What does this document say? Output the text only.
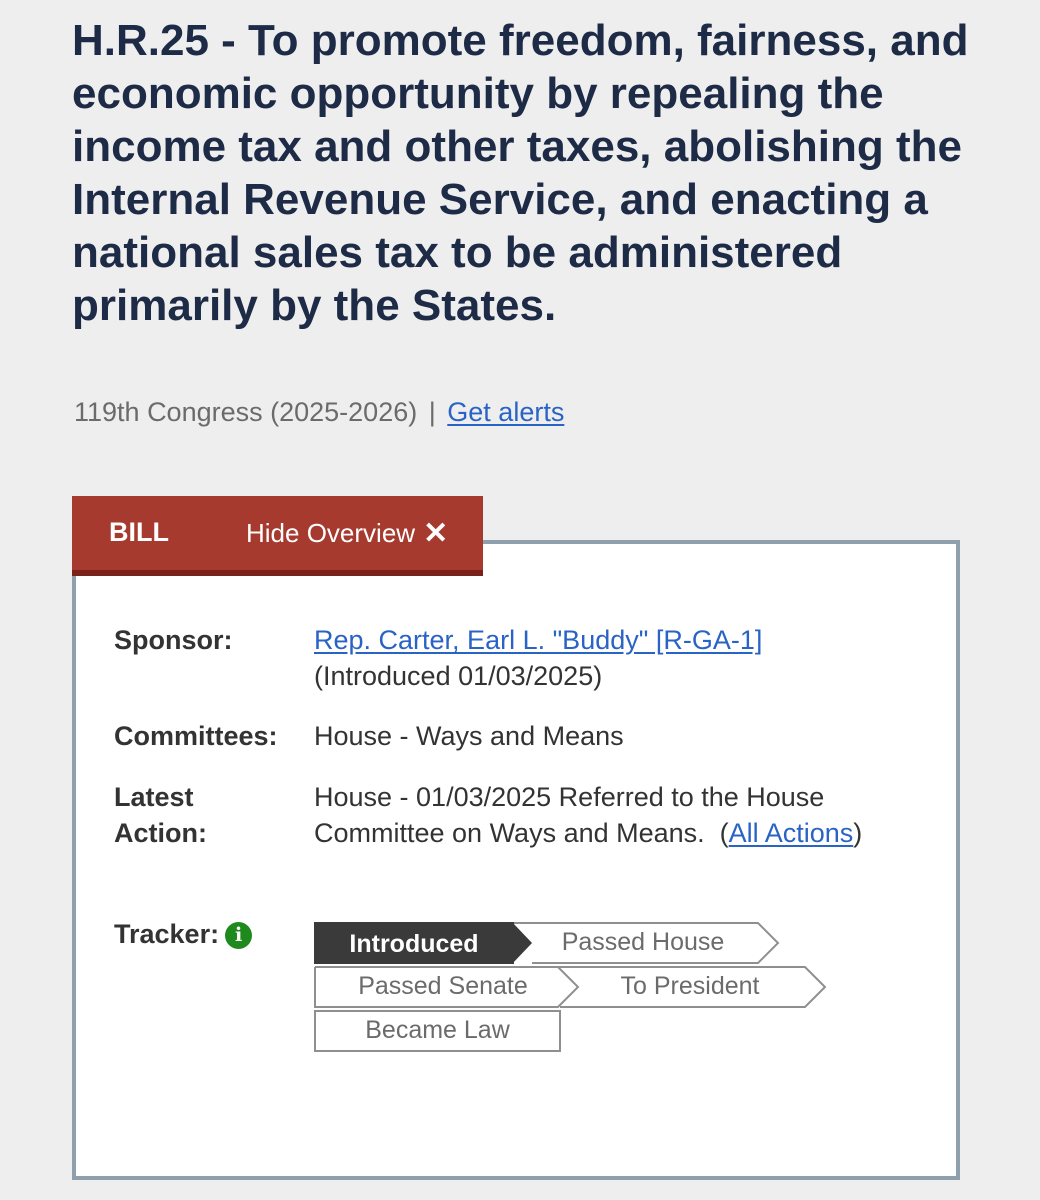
H.R.25 - To promote freedom, fairness, and economic opportunity by repealing the income tax and other taxes, abolishing the Internal Revenue Service, and enacting a national sales tax to be administered primarily by the States.
119th Congress (2025-2026) | Get alerts
BILL	Hide Overview ✕
Sponsor:	Rep. Carter, Earl L. "Buddy" [R-GA-1]
(Introduced 01/03/2025)
Committees: House - Ways and Means
Latest
Action:
House - 01/03/2025 Referred to the House Committee on Ways and Means. (All Actions)
Tracker: i	Introduced	Passed House
Passed Senate	To President
Became Law
